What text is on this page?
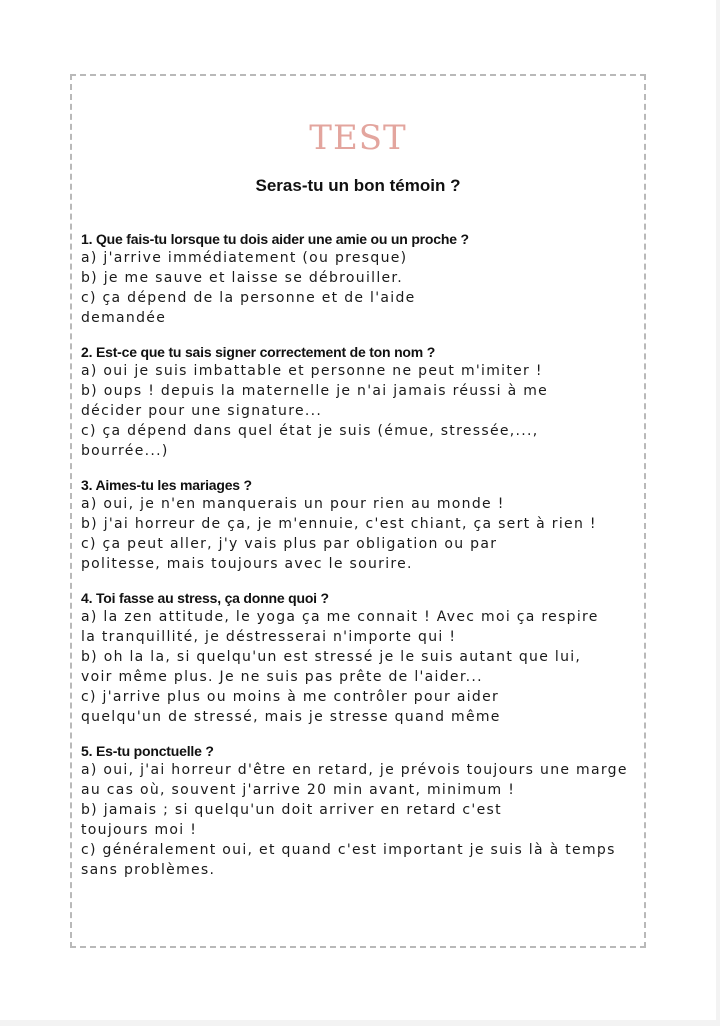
TEST
Seras-tu un bon témoin ?

1. Que fais-tu lorsque tu dois aider une amie ou un proche ?

a) j'arrive immédiatement (ou presque)

b) je me sauve et laisse se débrouiller.

c) ça dépend de la personne et de l'aide demandée

2. Est-ce que tu sais signer correctement de ton nom ?

a) oui je suis imbattable et personne ne peut m'imiter !

b) oups ! depuis la maternelle je n'ai jamais réussi à me décider pour une signature...

c) ça dépend dans quel état je suis (émue, stressée,..., bourrée...)

3. Aimes-tu les mariages ?

a) oui, je n'en manquerais un pour rien au monde !

b) j'ai horreur de ça, je m'ennuie, c'est chiant, ça sert à rien !

c) ça peut aller, j'y vais plus par obligation ou par politesse, mais toujours avec le sourire.

4. Toi fasse au stress, ça donne quoi ?

a) la zen attitude, le yoga ça me connait ! Avec moi ça respire la tranquillité, je déstresserai n'importe qui !

b) oh la la, si quelqu'un est stressé je le suis autant que lui, voir même plus. Je ne suis pas prête de l'aider...

c) j'arrive plus ou moins à me contrôler pour aider quelqu'un de stressé, mais je stresse quand même

5. Es-tu ponctuelle ?

a) oui, j'ai horreur d'être en retard, je prévois toujours une marge au cas où, souvent j'arrive 20 min avant, minimum !

b) jamais ; si quelqu'un doit arriver en retard c'est toujours moi !

c) généralement oui, et quand c'est important je suis là à temps sans problèmes.
